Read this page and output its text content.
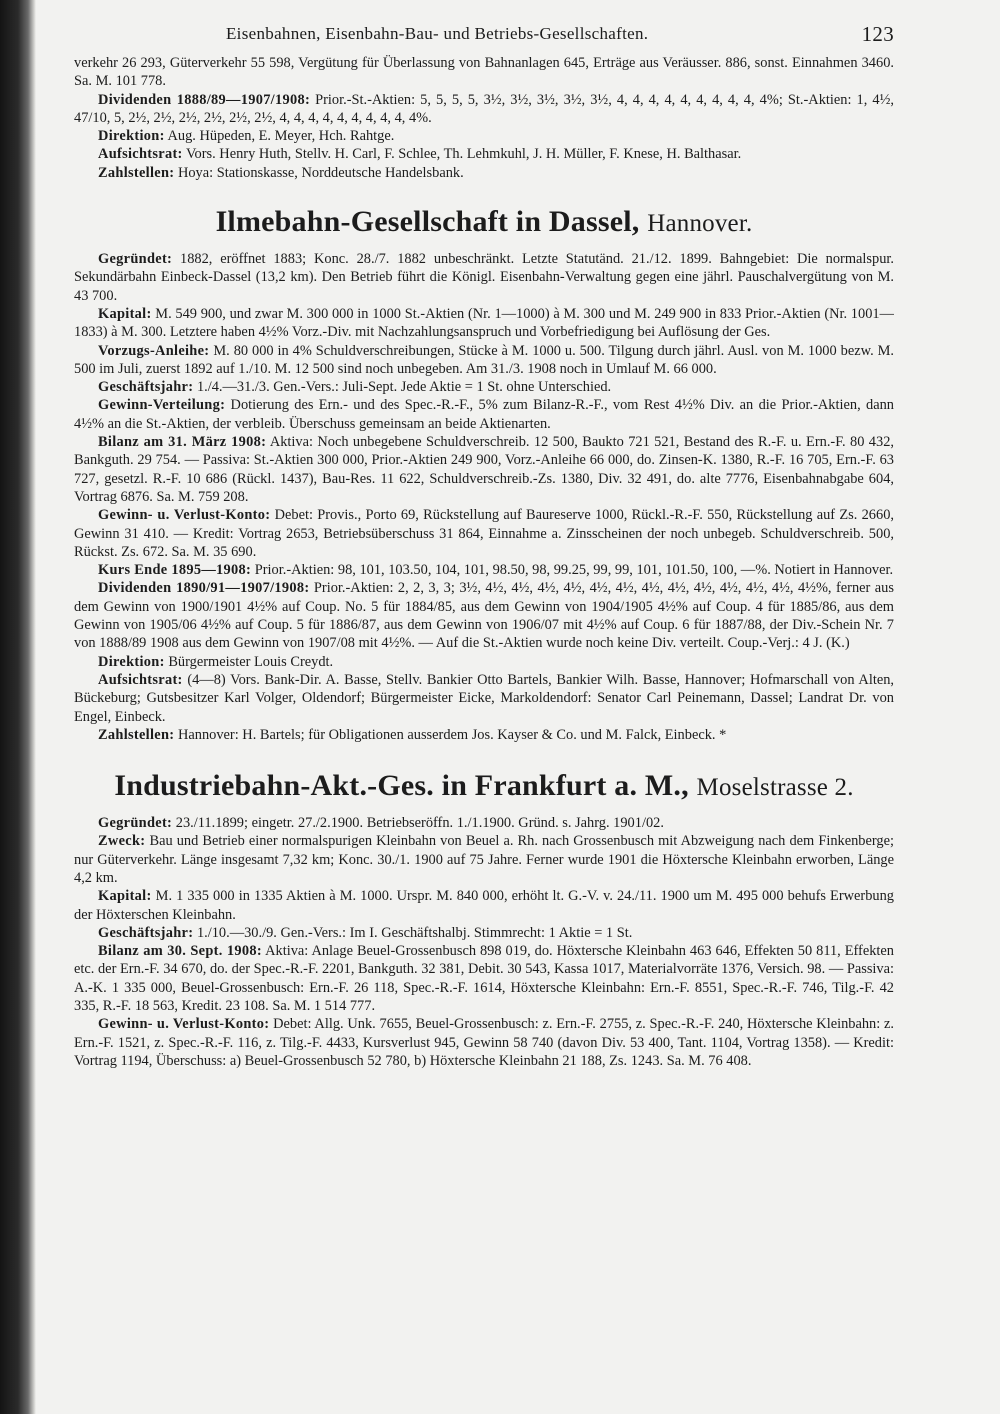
Eisenbahnen, Eisenbahn-Bau- und Betriebs-Gesellschaften.	123

verkehr 26 293, Güterverkehr 55 598, Vergütung für Überlassung von Bahnanlagen 645, Erträge aus Veräusser. 886, sonst. Einnahmen 3460. Sa. M. 101 778.

Dividenden 1888/89—1907/1908: Prior.-St.-Aktien: 5, 5, 5, 5, 3½, 3½, 3½, 3½, 3½, 4, 4, 4, 4, 4, 4, 4, 4, 4, 4%; St.-Aktien: 1, 4½, 47/10, 5, 2½, 2½, 2½, 2½, 2½, 2½, 4, 4, 4, 4, 4, 4, 4, 4, 4, 4%.

Direktion: Aug. Hüpeden, E. Meyer, Hch. Rahtge.

Aufsichtsrat: Vors. Henry Huth, Stellv. H. Carl, F. Schlee, Th. Lehmkuhl, J. H. Müller, F. Knese, H. Balthasar.

Zahlstellen: Hoya: Stationskasse, Norddeutsche Handelsbank.

Ilmebahn-Gesellschaft in Dassel, Hannover.

Gegründet: 1882, eröffnet 1883; Konc. 28./7. 1882 unbeschränkt. Letzte Statutänd. 21./12. 1899. Bahngebiet: Die normalspur. Sekundärbahn Einbeck-Dassel (13,2 km). Den Betrieb führt die Königl. Eisenbahn-Verwaltung gegen eine jährl. Pauschalvergütung von M. 43 700.

Kapital: M. 549 900, und zwar M. 300 000 in 1000 St.-Aktien (Nr. 1—1000) à M. 300 und M. 249 900 in 833 Prior.-Aktien (Nr. 1001—1833) à M. 300. Letztere haben 4½% Vorz.-Div. mit Nachzahlungsanspruch und Vorbefriedigung bei Auflösung der Ges.

Vorzugs-Anleihe: M. 80 000 in 4% Schuldverschreibungen, Stücke à M. 1000 u. 500. Tilgung durch jährl. Ausl. von M. 1000 bezw. M. 500 im Juli, zuerst 1892 auf 1./10. M. 12 500 sind noch unbegeben. Am 31./3. 1908 noch in Umlauf M. 66 000.

Geschäftsjahr: 1./4.—31./3. Gen.-Vers.: Juli-Sept. Jede Aktie = 1 St. ohne Unterschied.

Gewinn-Verteilung: Dotierung des Ern.- und des Spec.-R.-F., 5% zum Bilanz-R.-F., vom Rest 4½% Div. an die Prior.-Aktien, dann 4½% an die St.-Aktien, der verbleib. Überschuss gemeinsam an beide Aktienarten.

Bilanz am 31. März 1908: Aktiva: Noch unbegebene Schuldverschreib. 12 500, Baukto 721 521, Bestand des R.-F. u. Ern.-F. 80 432, Bankguth. 29 754. — Passiva: St.-Aktien 300 000, Prior.-Aktien 249 900, Vorz.-Anleihe 66 000, do. Zinsen-K. 1380, R.-F. 16 705, Ern.-F. 63 727, gesetzl. R.-F. 10 686 (Rückl. 1437), Bau-Res. 11 622, Schuldverschreib.-Zs. 1380, Div. 32 491, do. alte 7776, Eisenbahnabgabe 604, Vortrag 6876. Sa. M. 759 208.

Gewinn- u. Verlust-Konto: Debet: Provis., Porto 69, Rückstellung auf Baureserve 1000, Rückl.-R.-F. 550, Rückstellung auf Zs. 2660, Gewinn 31 410. — Kredit: Vortrag 2653, Betriebsüberschuss 31 864, Einnahme a. Zinsscheinen der noch unbegeb. Schuldverschreib. 500, Rückst. Zs. 672. Sa. M. 35 690.

Kurs Ende 1895—1908: Prior.-Aktien: 98, 101, 103.50, 104, 101, 98.50, 98, 99.25, 99, 99, 101, 101.50, 100, —%. Notiert in Hannover.

Dividenden 1890/91—1907/1908: Prior.-Aktien: 2, 2, 3, 3; 3½, 4½, 4½, 4½, 4½, 4½, 4½, 4½, 4½, 4½, 4½, 4½, 4½, 4½%, ferner aus dem Gewinn von 1900/1901 4½% auf Coup. No. 5 für 1884/85, aus dem Gewinn von 1904/1905 4½% auf Coup. 4 für 1885/86, aus dem Gewinn von 1905/06 4½% auf Coup. 5 für 1886/87, aus dem Gewinn von 1906/07 mit 4½% auf Coup. 6 für 1887/88, der Div.-Schein Nr. 7 von 1888/89 1908 aus dem Gewinn von 1907/08 mit 4½%. — Auf die St.-Aktien wurde noch keine Div. verteilt. Coup.-Verj.: 4 J. (K.)

Direktion: Bürgermeister Louis Creydt.

Aufsichtsrat: (4—8) Vors. Bank-Dir. A. Basse, Stellv. Bankier Otto Bartels, Bankier Wilh. Basse, Hannover; Hofmarschall von Alten, Bückeburg; Gutsbesitzer Karl Volger, Oldendorf; Bürgermeister Eicke, Markoldendorf: Senator Carl Peinemann, Dassel; Landrat Dr. von Engel, Einbeck.

Zahlstellen: Hannover: H. Bartels; für Obligationen ausserdem Jos. Kayser & Co. und M. Falck, Einbeck. *

Industriebahn-Akt.-Ges. in Frankfurt a. M., Moselstrasse 2.

Gegründet: 23./11.1899; eingetr. 27./2.1900. Betriebseröffn. 1./1.1900. Gründ. s. Jahrg. 1901/02.

Zweck: Bau und Betrieb einer normalspurigen Kleinbahn von Beuel a. Rh. nach Grossenbusch mit Abzweigung nach dem Finkenberge; nur Güterverkehr. Länge insgesamt 7,32 km; Konc. 30./1. 1900 auf 75 Jahre. Ferner wurde 1901 die Höxtersche Kleinbahn erworben, Länge 4,2 km.

Kapital: M. 1 335 000 in 1335 Aktien à M. 1000. Urspr. M. 840 000, erhöht lt. G.-V. v. 24./11. 1900 um M. 495 000 behufs Erwerbung der Höxterschen Kleinbahn.

Geschäftsjahr: 1./10.—30./9. Gen.-Vers.: Im I. Geschäftshalbj. Stimmrecht: 1 Aktie = 1 St.

Bilanz am 30. Sept. 1908: Aktiva: Anlage Beuel-Grossenbusch 898 019, do. Höxtersche Kleinbahn 463 646, Effekten 50 811, Effekten etc. der Ern.-F. 34 670, do. der Spec.-R.-F. 2201, Bankguth. 32 381, Debit. 30 543, Kassa 1017, Materialvorräte 1376, Versich. 98. — Passiva: A.-K. 1 335 000, Beuel-Grossenbusch: Ern.-F. 26 118, Spec.-R.-F. 1614, Höxtersche Kleinbahn: Ern.-F. 8551, Spec.-R.-F. 746, Tilg.-F. 42 335, R.-F. 18 563, Kredit. 23 108. Sa. M. 1 514 777.

Gewinn- u. Verlust-Konto: Debet: Allg. Unk. 7655, Beuel-Grossenbusch: z. Ern.-F. 2755, z. Spec.-R.-F. 240, Höxtersche Kleinbahn: z. Ern.-F. 1521, z. Spec.-R.-F. 116, z. Tilg.-F. 4433, Kursverlust 945, Gewinn 58 740 (davon Div. 53 400, Tant. 1104, Vortrag 1358). — Kredit: Vortrag 1194, Überschuss: a) Beuel-Grossenbusch 52 780, b) Höxtersche Kleinbahn 21 188, Zs. 1243. Sa. M. 76 408.
